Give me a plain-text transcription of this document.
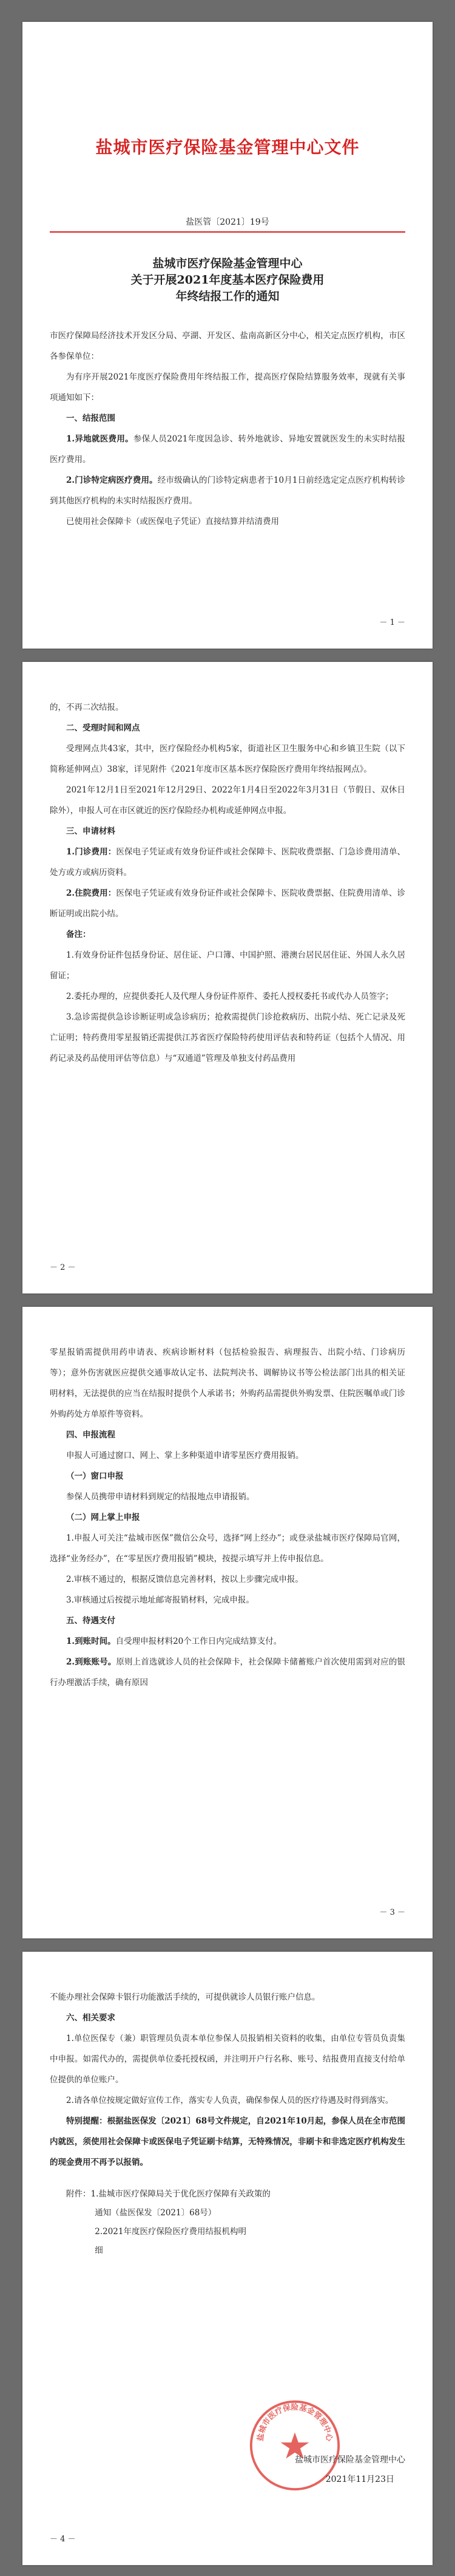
盐城市医疗保险基金管理中心文件
盐医管〔2021〕19号
盐城市医疗保险基金管理中心
关于开展2021年度基本医疗保险费用
年终结报工作的通知

市医疗保障局经济技术开发区分局、亭湖、开发区、盐南高新区分中心，相关定点医疗机构，市区各参保单位：

为有序开展2021年度医疗保险费用年终结报工作，提高医疗保险结算服务效率，现就有关事项通知如下：

一、结报范围

1.异地就医费用。参保人员2021年度因急诊、转外地就诊、异地安置就医发生的未实时结报医疗费用。

2.门诊特定病医疗费用。经市级确认的门诊特定病患者于10月1日前经选定定点医疗机构转诊到其他医疗机构的未实时结报医疗费用。

已使用社会保障卡（或医保电子凭证）直接结算并结清费用

－ 1 －

的，不再二次结报。

二、受理时间和网点

受理网点共43家，其中，医疗保险经办机构5家，街道社区卫生服务中心和乡镇卫生院（以下简称延伸网点）38家，详见附件《2021年度市区基本医疗保险医疗费用年终结报网点》。

2021年12月1日至2021年12月29日、2022年1月4日至2022年3月31日（节假日、双休日除外），申报人可在市区就近的医疗保险经办机构或延伸网点申报。

三、申请材料

1.门诊费用：医保电子凭证或有效身份证件或社会保障卡、医院收费票据、门急诊费用清单、处方或方或病历资料。

2.住院费用：医保电子凭证或有效身份证件或社会保障卡、医院收费票据、住院费用清单、诊断证明或出院小结。

备注：

1.有效身份证件包括身份证、居住证、户口簿、中国护照、港澳台居民居住证、外国人永久居留证；

2.委托办理的，应提供委托人及代理人身份证件原件、委托人授权委托书或代办人员签字；

3.急诊需提供急诊诊断证明或急诊病历；抢救需提供门诊抢救病历、出院小结、死亡记录及死亡证明；特药费用零星报销还需提供江苏省医疗保险特药使用评估表和特药证（包括个人情况、用药记录及药品使用评估等信息）与“双通道”管理及单独支付药品费用

－ 2 －

零星报销需提供用药申请表、疾病诊断材料（包括检验报告、病理报告、出院小结、门诊病历等）；意外伤害就医应提供交通事故认定书、法院判决书、调解协议书等公检法部门出具的相关证明材料，无法提供的应当在结报时提供个人承诺书；外购药品需提供外购发票、住院医嘱单或门诊外购药处方单原件等资料。

四、申报流程

申报人可通过窗口、网上、掌上多种渠道申请零星医疗费用报销。

（一）窗口申报

参保人员携带申请材料到规定的结报地点申请报销。

（二）网上掌上申报

1.申报人可关注“盐城市医保”微信公众号，选择“网上经办”；或登录盐城市医疗保障局官网，选择“业务经办”，在“零星医疗费用报销”模块，按提示填写并上传申报信息。

2.审核不通过的，根据反馈信息完善材料，按以上步骤完成申报。

3.审核通过后按提示地址邮寄报销材料，完成申报。

五、待遇支付

1.到账时间。自受理申报材料20个工作日内完成结算支付。

2.到账账号。原则上首选就诊人员的社会保障卡，社会保障卡储蓄账户首次使用需到对应的银行办理激活手续，确有原因

－ 3 －

不能办理社会保障卡银行功能激活手续的，可提供就诊人员银行账户信息。

六、相关要求

1.单位医保专（兼）职管理员负责本单位参保人员报销相关资料的收集，由单位专管员负责集中申报。如需代办的，需提供单位委托授权函，并注明开户行名称、账号、结报费用直接支付给单位提供的单位账户。

2.请各单位按规定做好宣传工作，落实专人负责，确保参保人员的医疗待遇及时得到落实。

特别提醒：根据盐医保发〔2021〕68号文件规定，自2021年10月起，参保人员在全市范围内就医，须使用社会保障卡或医保电子凭证刷卡结算，无特殊情况，非刷卡和非选定医疗机构发生的现金费用不再予以报销。

附件：1.盐城市医疗保障局关于优化医疗保障有关政策的

通知（盐医保发〔2021〕68号）

2.2021年度医疗保险医疗费用结报机构明

细

盐城市医疗保险基金管理中心
盐城市医疗保险基金管理中心
2021年11月23日
－ 4 －
